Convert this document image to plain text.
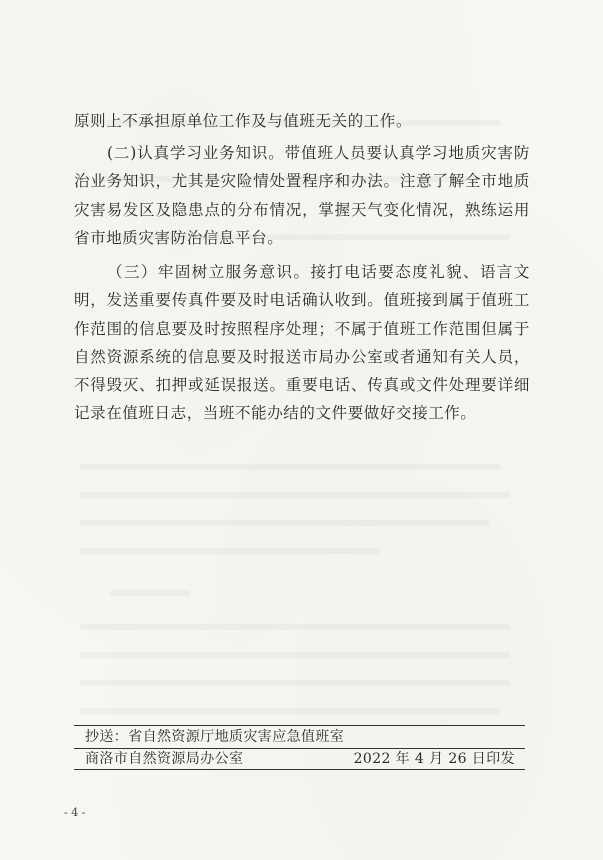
原则上不承担原单位工作及与值班无关的工作。

(二)认真学习业务知识。带值班人员要认真学习地质灾害防治业务知识，尤其是灾险情处置程序和办法。注意了解全市地质灾害易发区及隐患点的分布情况，掌握天气变化情况，熟练运用省市地质灾害防治信息平台。

（三）牢固树立服务意识。接打电话要态度礼貌、语言文明，发送重要传真件要及时电话确认收到。值班接到属于值班工作范围的信息要及时按照程序处理；不属于值班工作范围但属于自然资源系统的信息要及时报送市局办公室或者通知有关人员，不得毁灭、扣押或延误报送。重要电话、传真或文件处理要详细记录在值班日志，当班不能办结的文件要做好交接工作。

抄送：省自然资源厅地质灾害应急值班室
商洛市自然资源局办公室	2022 年 4 月 26 日印发
- 4 -
